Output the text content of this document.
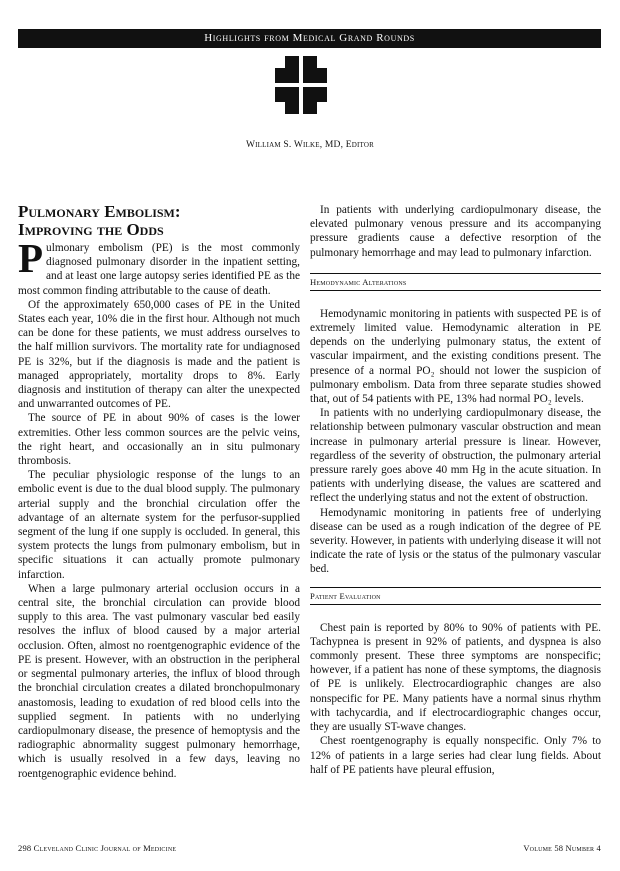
Highlights from Medical Grand Rounds
William S. Wilke, MD, Editor
Pulmonary Embolism:
Improving the Odds

Pulmonary embolism (PE) is the most commonly diagnosed pulmonary disorder in the inpatient setting, and at least one large autopsy series identified PE as the most common finding attributable to the cause of death.

Of the approximately 650,000 cases of PE in the United States each year, 10% die in the first hour. Although not much can be done for these patients, we must address ourselves to the half million survivors. The mortality rate for undiagnosed PE is 32%, but if the diagnosis is made and the patient is managed appropriately, mortality drops to 8%. Early diagnosis and institution of therapy can alter the unexpected and unwarranted outcomes of PE.

The source of PE in about 90% of cases is the lower extremities. Other less common sources are the pelvic veins, the right heart, and occasionally an in situ pulmonary thrombosis.

The peculiar physiologic response of the lungs to an embolic event is due to the dual blood supply. The pulmonary arterial supply and the bronchial circulation offer the advantage of an alternate system for the perfusor-supplied segment of the lung if one supply is occluded. In general, this system protects the lungs from pulmonary embolism, but in specific situations it can actually promote pulmonary infarction.

When a large pulmonary arterial occlusion occurs in a central site, the bronchial circulation can provide blood supply to this area. The vast pulmonary vascular bed easily resolves the influx of blood caused by a major arterial occlusion. Often, almost no roentgenographic evidence of the PE is present. However, with an obstruction in the peripheral or segmental pulmonary arteries, the influx of blood through the bronchial circulation creates a dilated bronchopulmonary anastomosis, leading to exudation of red blood cells into the supplied segment. In patients with no underlying cardiopulmonary disease, the presence of hemoptysis and the radiographic abnormality suggest pulmonary hemorrhage, which is usually resolved in a few days, leaving no roentgenographic evidence behind.

In patients with underlying cardiopulmonary disease, the elevated pulmonary venous pressure and its accompanying pressure gradients cause a defective resorption of the pulmonary hemorrhage and may lead to pulmonary infarction.

Hemodynamic Alterations

Hemodynamic monitoring in patients with suspected PE is of extremely limited value. Hemodynamic alteration in PE depends on the underlying pulmonary status, the extent of vascular impairment, and the existing conditions present. The presence of a normal PO₂ should not lower the suspicion of pulmonary embolism. Data from three separate studies showed that, out of 54 patients with PE, 13% had normal PO₂ levels.

In patients with no underlying cardiopulmonary disease, the relationship between pulmonary vascular obstruction and mean increase in pulmonary arterial pressure is linear. However, regardless of the severity of obstruction, the pulmonary arterial pressure rarely goes above 40 mm Hg in the acute situation. In patients with underlying disease, the values are scattered and reflect the underlying status and not the extent of obstruction.

Hemodynamic monitoring in patients free of underlying disease can be used as a rough indication of the degree of PE severity. However, in patients with underlying disease it will not indicate the rate of lysis or the status of the pulmonary vascular bed.

Patient Evaluation

Chest pain is reported by 80% to 90% of patients with PE. Tachypnea is present in 92% of patients, and dyspnea is also commonly present. These three symptoms are nonspecific; however, if a patient has none of these symptoms, the diagnosis of PE is unlikely. Electrocardiographic changes are also nonspecific for PE. Many patients have a normal sinus rhythm with tachycardia, and if electrocardiographic changes occur, they are usually ST-wave changes.

Chest roentgenography is equally nonspecific. Only 7% to 12% of patients in a large series had clear lung fields. About half of PE patients have pleural effusion,

298 Cleveland Clinic Journal of Medicine	Volume 58 Number 4
